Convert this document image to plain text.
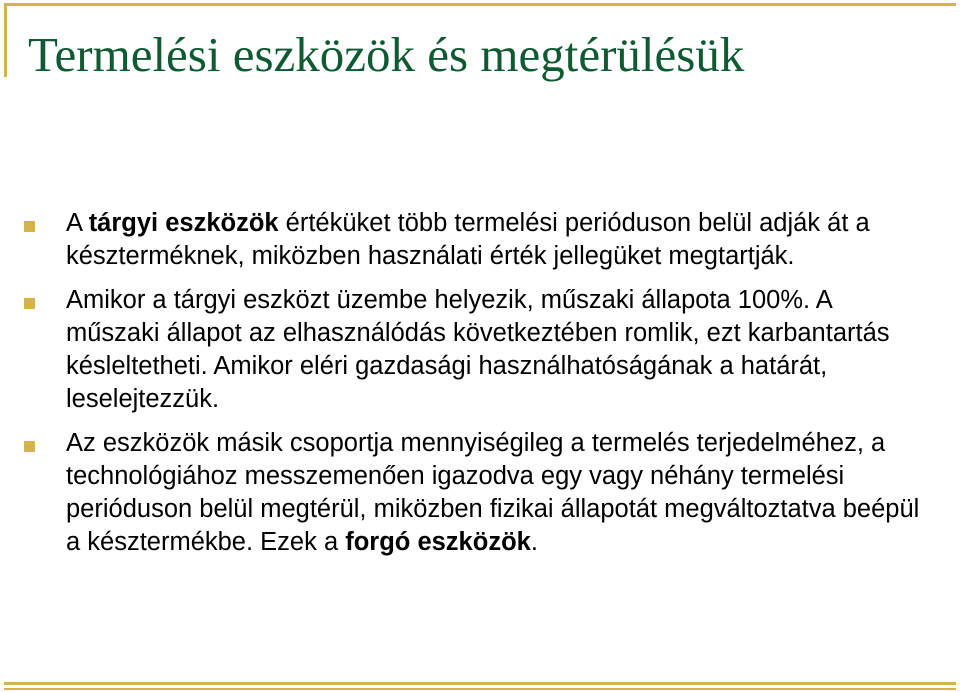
Termelési eszközök és megtérülésük
A tárgyi eszközök értéküket több termelési perióduson belül adják át a készterméknek, miközben használati érték jellegüket megtartják.
Amikor a tárgyi eszközt üzembe helyezik, műszaki állapota 100%. A műszaki állapot az elhasználódás következtében romlik, ezt karbantartás késleltetheti. Amikor eléri gazdasági használhatóságának a határát, leselejtezzük.
Az eszközök másik csoportja mennyiségileg a termelés terjedelméhez, a technológiához messzemenően igazodva egy vagy néhány termelési perióduson belül megtérül, miközben fizikai állapotát megváltoztatva beépül a késztermékbe. Ezek a forgó eszközök.
